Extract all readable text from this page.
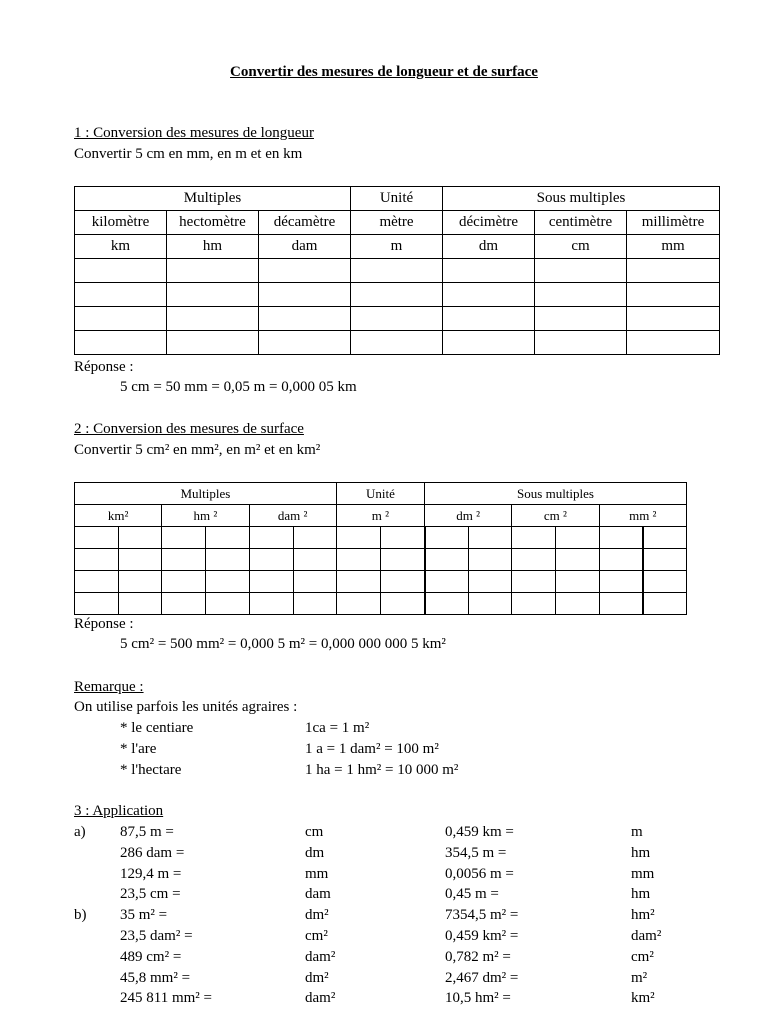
Convertir des mesures de longueur et de surface
1 : Conversion des mesures de longueur
Convertir 5 cm en mm, en m et en km
Multiples			Unité	Sous multiples		
kilomètre	hectomètre	décamètre	mètre	décimètre	centimètre	millimètre
km	hm	dam	m	dm	cm	mm

Réponse :
5 cm = 50 mm = 0,05 m = 0,000 05 km
2 : Conversion des mesures de surface
Convertir 5 cm² en mm², en m² et en km²
Multiples						Unité		Sous multiples					
km²		hm ²		dam ²		m ²		dm ²		cm ²		mm ²	

Réponse :
5 cm² = 500 mm² = 0,000 5 m² = 0,000 000 000 5 km²
Remarque :
On utilise parfois les unités agraires :
* le centiare	1ca = 1 m²
* l'are	1 a = 1 dam² = 100 m²
* l'hectare	1 ha = 1 hm² = 10 000 m²
3 : Application
a) 87,5 m =	cm	0,459 km =	m
286 dam =	dm	354,5 m =	hm
129,4 m =	mm	0,0056 m =	mm
23,5 cm =	dam	0,45 m =	hm
b) 35 m² =	dm²	7354,5 m² =	hm²
23,5 dam² =	cm²	0,459 km² =	dam²
489 cm² =	dam²	0,782 m² =	cm²
45,8 mm² =	dm²	2,467 dm² =	m²
245 811 mm² =	dam²	10,5 hm² =	km²
